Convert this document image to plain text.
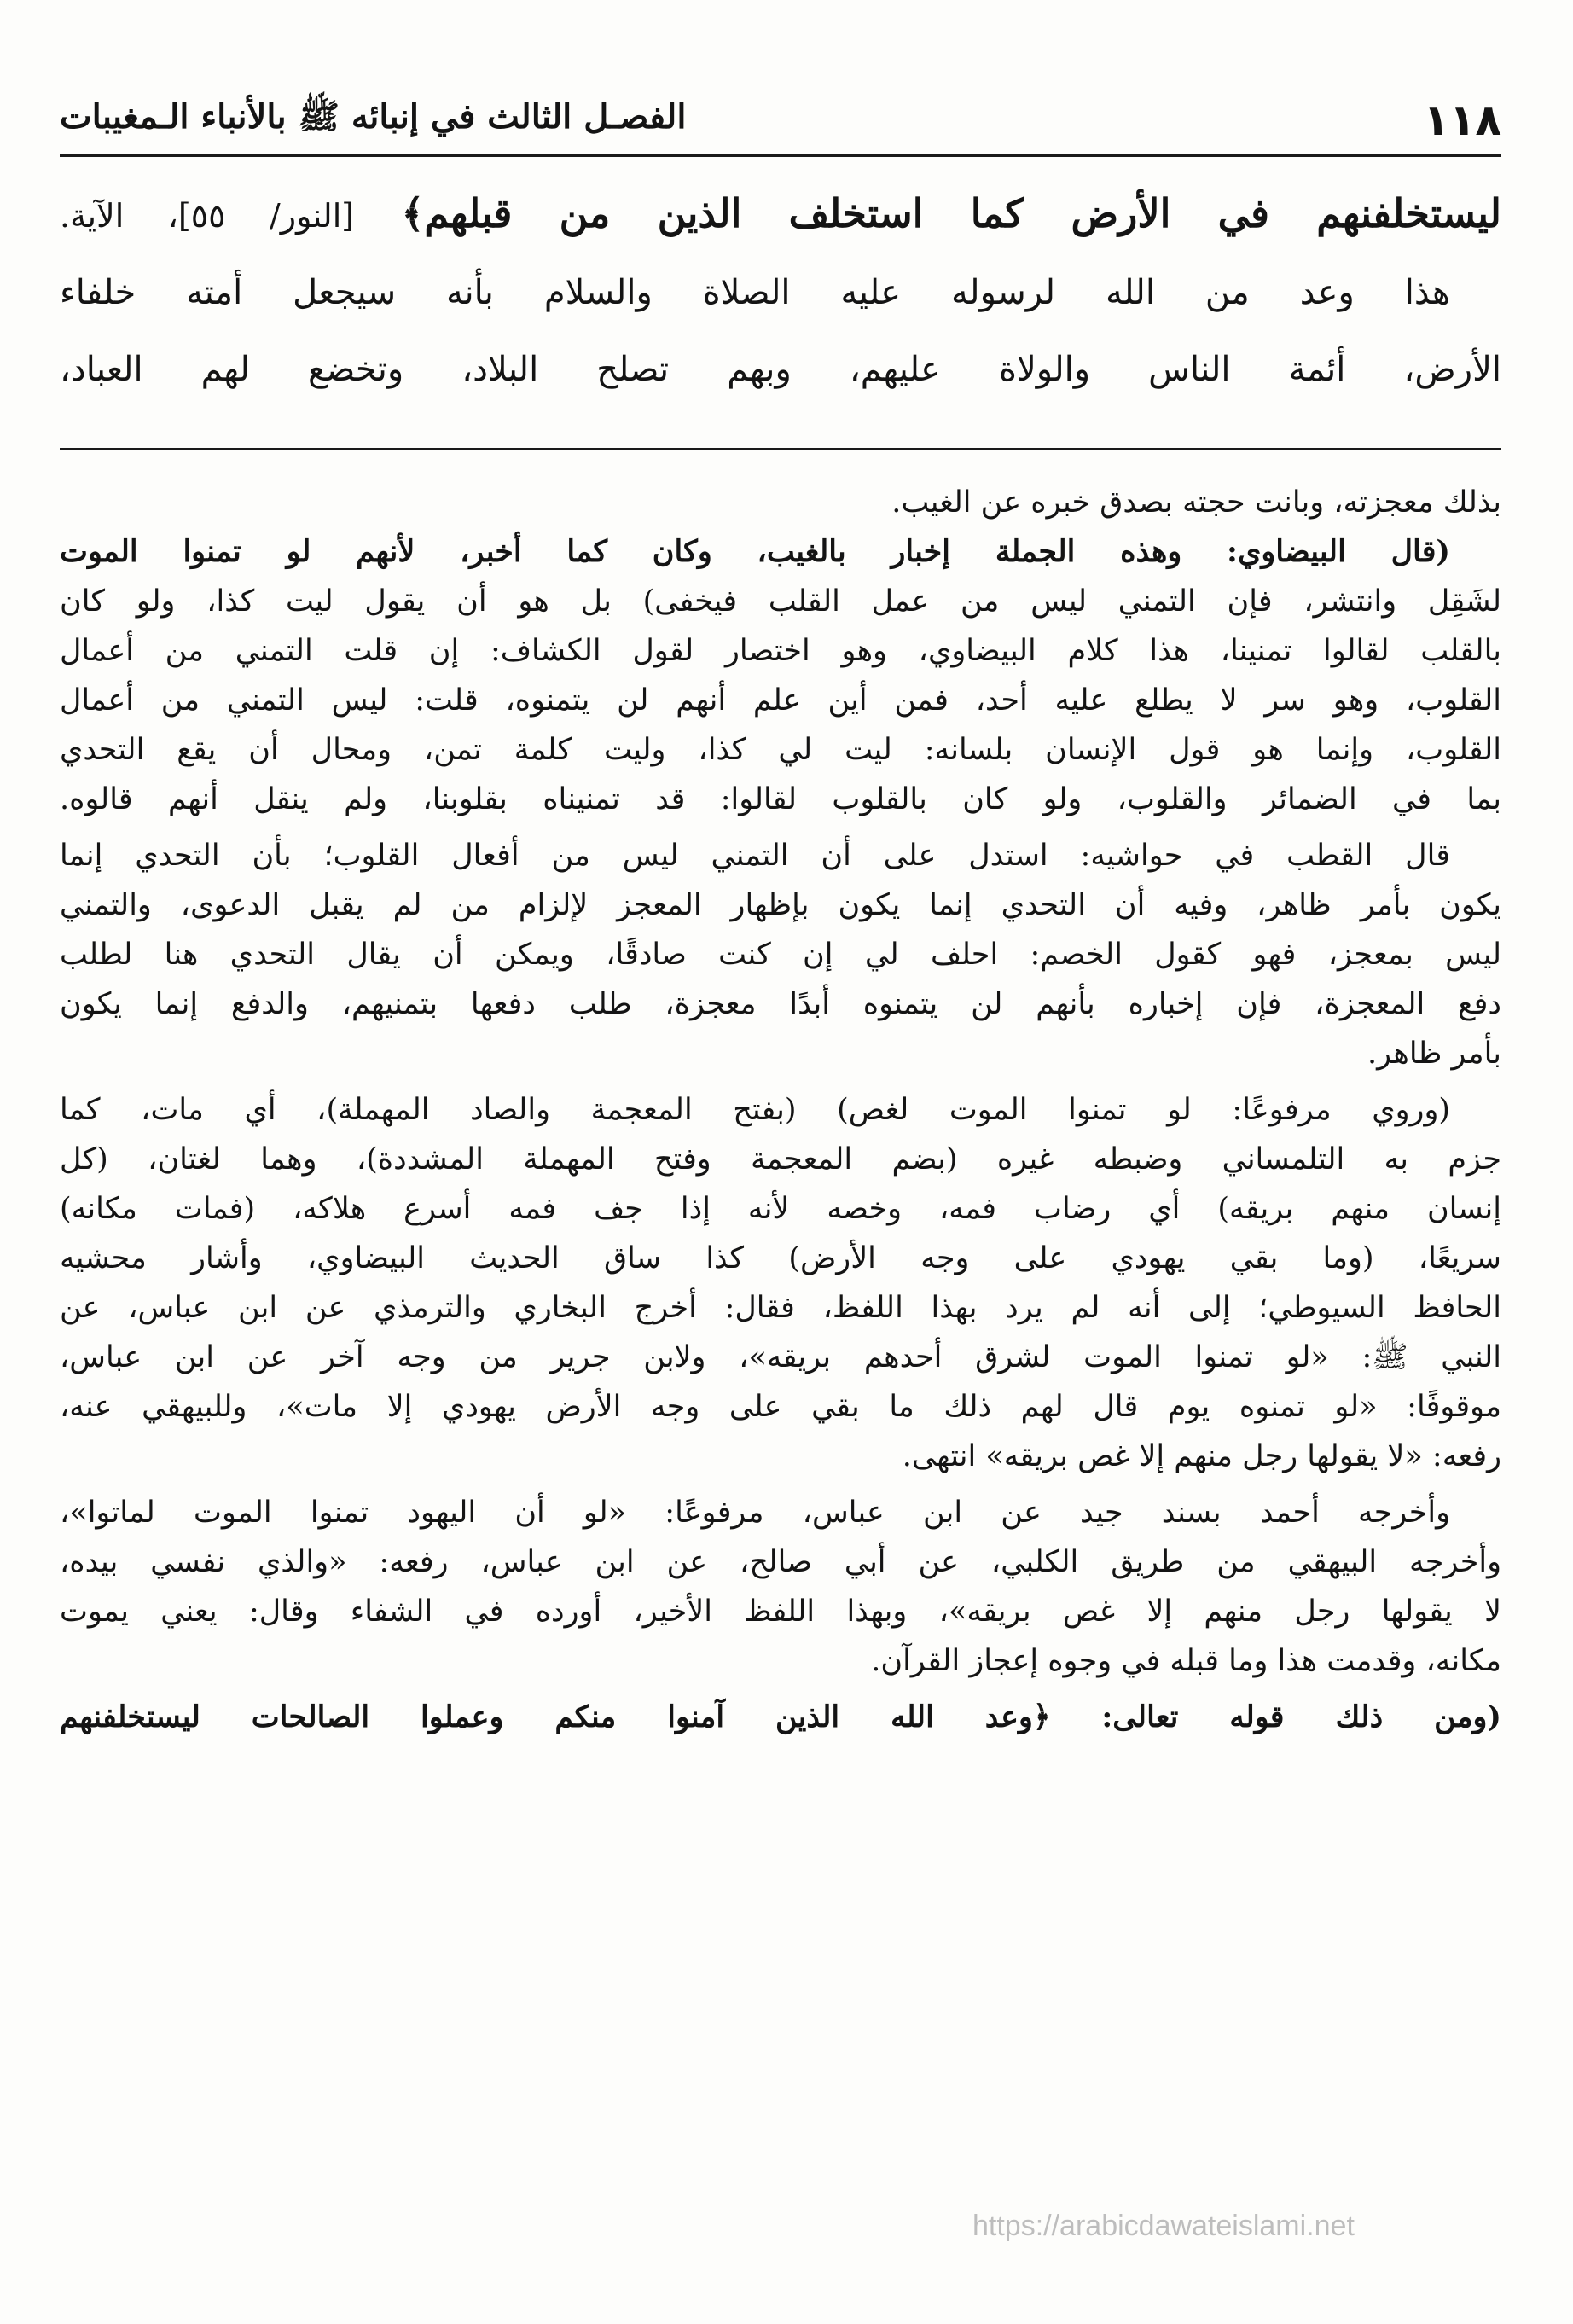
١١٨
الفصـل الثالث في إنبائه ﷺ بالأنباء الـمغيبات
ليستخلفنهم في الأرض كما استخلف الذين من قبلهم﴾ [النور/ ٥٥]، الآية.
هذا وعد من الله لرسوله عليه الصلاة والسلام بأنه سيجعل أمته خلفاء
الأرض، أئمة الناس والولاة عليهم، وبهم تصلح البلاد، وتخضع لهم العباد،
بذلك معجزته، وبانت حجته بصدق خبره عن الغيب.
(قال البيضاوي: وهذه الجملة إخبار بالغيب، وكان كما أخبر، لأنهم لو تمنوا الموت
لشَقِل وانتشر، فإن التمني ليس من عمل القلب فيخفى) بل هو أن يقول ليت كذا، ولو كان
بالقلب لقالوا تمنينا، هذا كلام البيضاوي، وهو اختصار لقول الكشاف: إن قلت التمني من أعمال
القلوب، وهو سر لا يطلع عليه أحد، فمن أين علم أنهم لن يتمنوه، قلت: ليس التمني من أعمال
القلوب، وإنما هو قول الإنسان بلسانه: ليت لي كذا، وليت كلمة تمن، ومحال أن يقع التحدي
بما في الضمائر والقلوب، ولو كان بالقلوب لقالوا: قد تمنيناه بقلوبنا، ولم ينقل أنهم قالوه.
قال القطب في حواشيه: استدل على أن التمني ليس من أفعال القلوب؛ بأن التحدي إنما
يكون بأمر ظاهر، وفيه أن التحدي إنما يكون بإظهار المعجز لإلزام من لم يقبل الدعوى، والتمني
ليس بمعجز، فهو كقول الخصم: احلف لي إن كنت صادقًا، ويمكن أن يقال التحدي هنا لطلب
دفع المعجزة، فإن إخباره بأنهم لن يتمنوه أبدًا معجزة، طلب دفعها بتمنيهم، والدفع إنما يكون
بأمر ظاهر.
(وروي مرفوعًا: لو تمنوا الموت لغص) (بفتح المعجمة والصاد المهملة)، أي مات، كما
جزم به التلمساني وضبطه غيره (بضم المعجمة وفتح المهملة المشددة)، وهما لغتان، (كل
إنسان منهم بريقه) أي رضاب فمه، وخصه لأنه إذا جف فمه أسرع هلاكه، (فمات مكانه)
سريعًا، (وما بقي يهودي على وجه الأرض) كذا ساق الحديث البيضاوي، وأشار محشيه
الحافظ السيوطي؛ إلى أنه لم يرد بهذا اللفظ، فقال: أخرج البخاري والترمذي عن ابن عباس، عن
النبي ﷺ: «لو تمنوا الموت لشرق أحدهم بريقه»، ولابن جرير من وجه آخر عن ابن عباس،
موقوفًا: «لو تمنوه يوم قال لهم ذلك ما بقي على وجه الأرض يهودي إلا مات»، وللبيهقي عنه،
رفعه: «لا يقولها رجل منهم إلا غص بريقه» انتهى.
وأخرجه أحمد بسند جيد عن ابن عباس، مرفوعًا: «لو أن اليهود تمنوا الموت لماتوا»،
وأخرجه البيهقي من طريق الكلبي، عن أبي صالح، عن ابن عباس، رفعه: «والذي نفسي بيده،
لا يقولها رجل منهم إلا غص بريقه»، وبهذا اللفظ الأخير، أورده في الشفاء وقال: يعني يموت
مكانه، وقدمت هذا وما قبله في وجوه إعجاز القرآن.
(ومن ذلك قوله تعالى: ﴿وعد الله الذين آمنوا منكم وعملوا الصالحات ليستخلفنهم
https://arabicdawateislami.net
